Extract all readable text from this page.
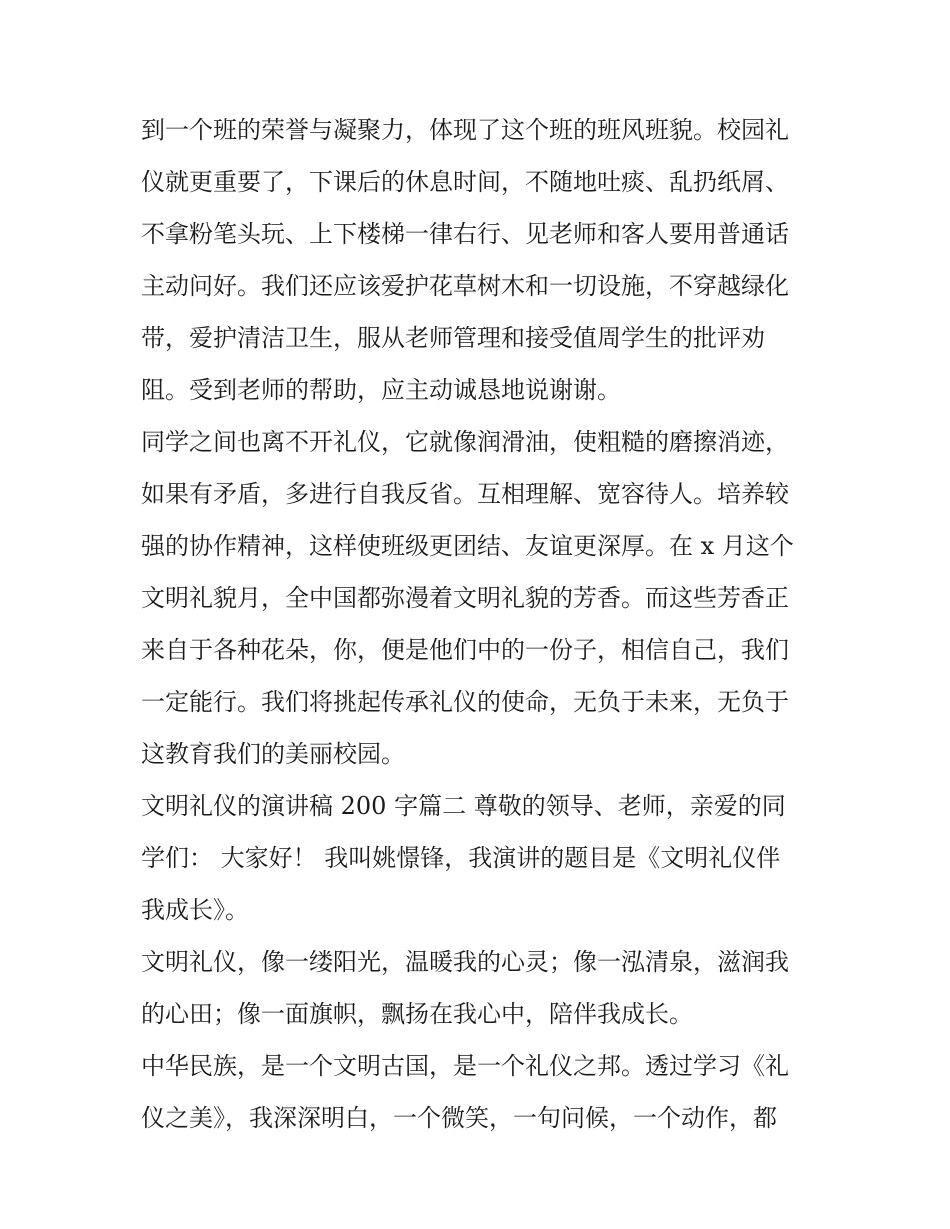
到一个班的荣誉与凝聚力，体现了这个班的班风班貌。校园礼
仪就更重要了，下课后的休息时间，不随地吐痰、乱扔纸屑、
不拿粉笔头玩、上下楼梯一律右行、见老师和客人要用普通话
主动问好。我们还应该爱护花草树木和一切设施，不穿越绿化
带，爱护清洁卫生，服从老师管理和接受值周学生的批评劝
阻。受到老师的帮助，应主动诚恳地说谢谢。

同学之间也离不开礼仪，它就像润滑油，使粗糙的磨擦消迹，
如果有矛盾，多进行自我反省。互相理解、宽容待人。培养较
强的协作精神，这样使班级更团结、友谊更深厚。在 x 月这个
文明礼貌月，全中国都弥漫着文明礼貌的芳香。而这些芳香正
来自于各种花朵，你，便是他们中的一份子，相信自己，我们
一定能行。我们将挑起传承礼仪的使命，无负于未来，无负于
这教育我们的美丽校园。

文明礼仪的演讲稿 200 字篇二 尊敬的领导、老师，亲爱的同
学们： 大家好！ 我叫姚憬锋，我演讲的题目是《文明礼仪伴
我成长》。

文明礼仪，像一缕阳光，温暖我的心灵；像一泓清泉，滋润我
的心田；像一面旗帜，飘扬在我心中，陪伴我成长。

中华民族，是一个文明古国，是一个礼仪之邦。透过学习《礼
仪之美》，我深深明白，一个微笑，一句问候，一个动作，都
